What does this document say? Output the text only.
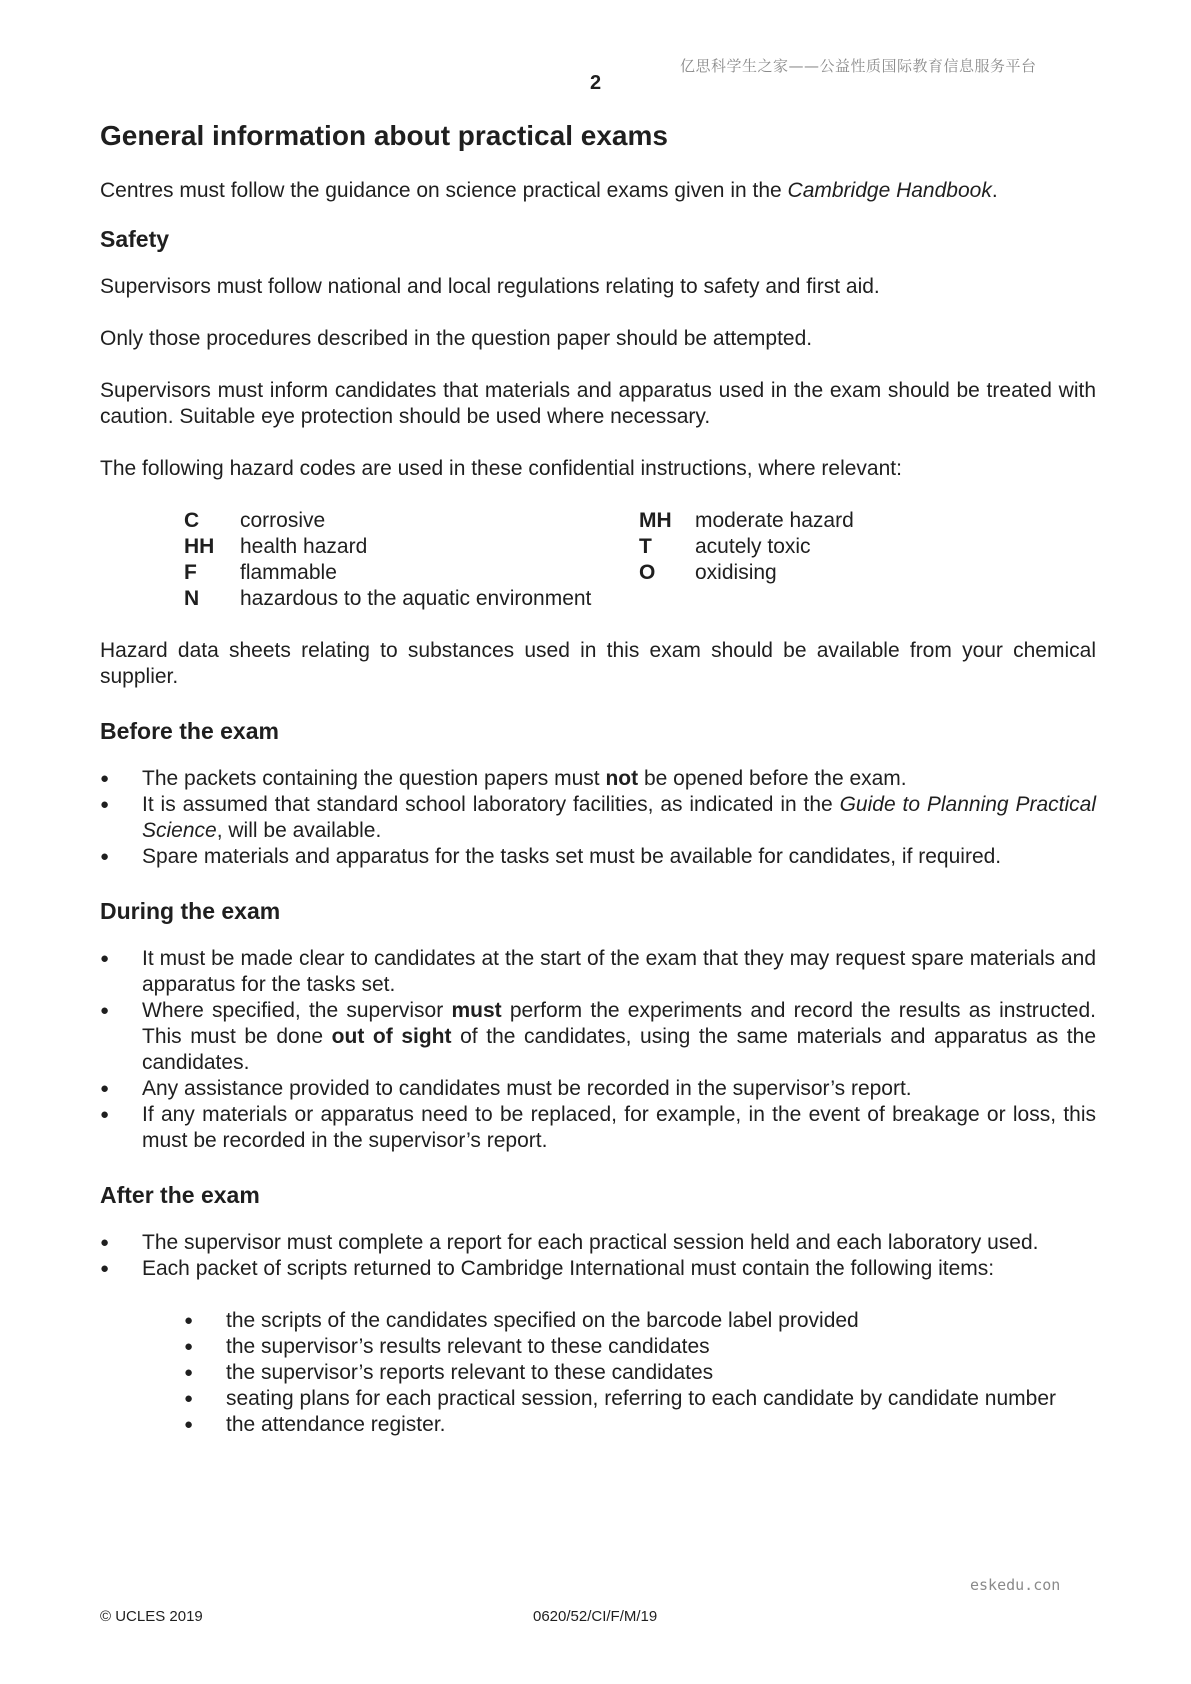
亿思科学生之家——公益性质国际教育信息服务平台
2
General information about practical exams

Centres must follow the guidance on science practical exams given in the Cambridge Handbook.

Safety

Supervisors must follow national and local regulations relating to safety and first aid.

Only those procedures described in the question paper should be attempted.

Supervisors must inform candidates that materials and apparatus used in the exam should be treated with caution. Suitable eye protection should be used where necessary.

The following hazard codes are used in these confidential instructions, where relevant:

C	corrosive	MH	moderate hazard
HH	health hazard	T	acutely toxic
F	flammable	O	oxidising
N	hazardous to the aquatic environment

Hazard data sheets relating to substances used in this exam should be available from your chemical supplier.

Before the exam
●	The packets containing the question papers must not be opened before the exam.
●	It is assumed that standard school laboratory facilities, as indicated in the Guide to Planning Practical Science, will be available.
●	Spare materials and apparatus for the tasks set must be available for candidates, if required.
During the exam
●	It must be made clear to candidates at the start of the exam that they may request spare materials and apparatus for the tasks set.
●	Where specified, the supervisor must perform the experiments and record the results as instructed. This must be done out of sight of the candidates, using the same materials and apparatus as the candidates.
●	Any assistance provided to candidates must be recorded in the supervisor’s report.
●	If any materials or apparatus need to be replaced, for example, in the event of breakage or loss, this must be recorded in the supervisor’s report.
After the exam
●	The supervisor must complete a report for each practical session held and each laboratory used.
●	Each packet of scripts returned to Cambridge International must contain the following items:
●	the scripts of the candidates specified on the barcode label provided
●	the supervisor’s results relevant to these candidates
●	the supervisor’s reports relevant to these candidates
●	seating plans for each practical session, referring to each candidate by candidate number
●	the attendance register.
eskedu.con
© UCLES 2019	0620/52/CI/F/M/19
